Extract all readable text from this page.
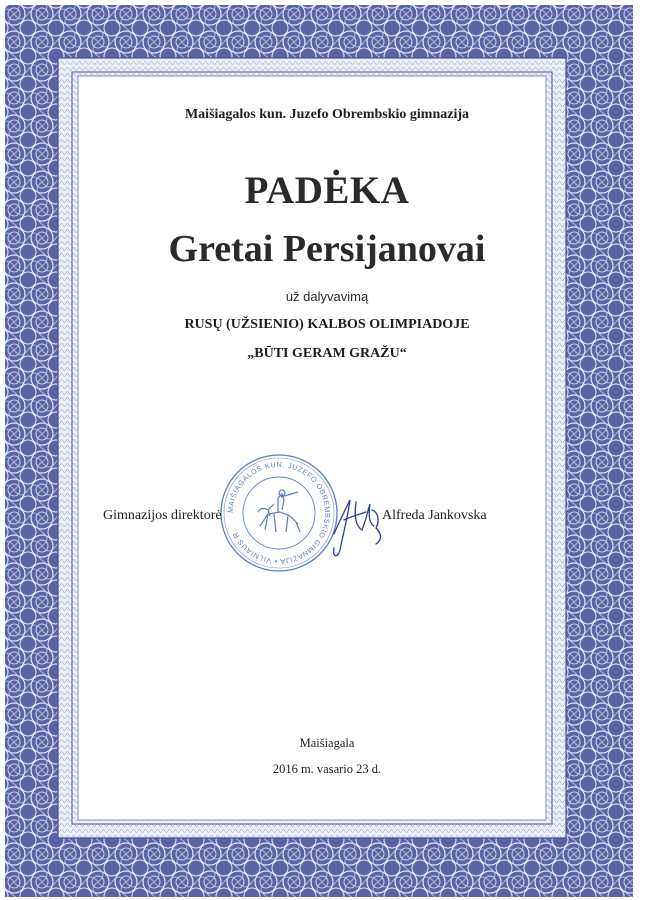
Maišiagalos kun. Juzefo Obrembskio gimnazija
PADĖKA
Gretai Persijanovai
už dalyvavimą
RUSŲ (UŽSIENIO) KALBOS OLIMPIADOJE
„BŪTI GERAM GRAŽU“
MAIŠIAGALOS KUN. JUZEFO OBREMBSKIO GIMNAZIJA • VILNIAUS R.
Gimnazijos direktorė	Alfreda Jankovska
Maišiagala
2016 m. vasario 23 d.
